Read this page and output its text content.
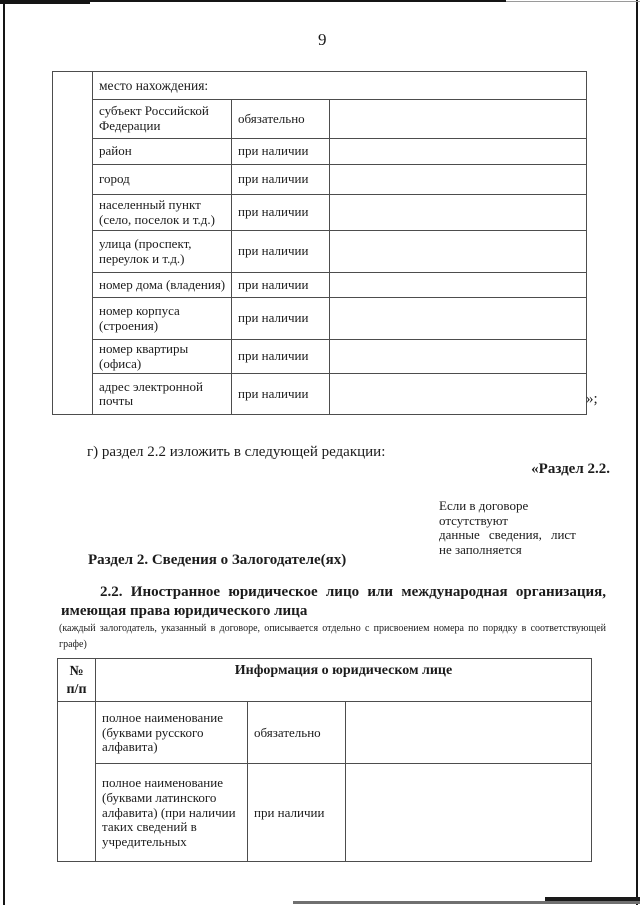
9
	место нахождения:		
	субъект Российской Федерации	обязательно	
	район	при наличии	
	город	при наличии	
	населенный пункт (село, поселок и т.д.)	при наличии	
	улица (проспект, переулок и т.д.)	при наличии	
	номер дома (владения)	при наличии	
	номер корпуса (строения)	при наличии	
	номер квартиры (офиса)	при наличии	
	адрес электронной почты	при наличии		»;
г) раздел 2.2 изложить в следующей редакции:
«Раздел 2.2.
Если в договоре отсутствуют
данные сведения, лист
не заполняется
Раздел 2. Сведения о Залогодателе(ях)
2.2. Иностранное юридическое лицо или международная организация,
имеющая права юридического лица
(каждый залогодатель, указанный в договоре, описывается отдельно с присвоением номера по порядку в соответствующей
графе)
№
п/п	Информация о юридическом лице		
	полное наименование (буквами русского алфавита)	обязательно	
	полное наименование (буквами латинского алфавита) (при наличии таких сведений в учредительных	при наличии	
